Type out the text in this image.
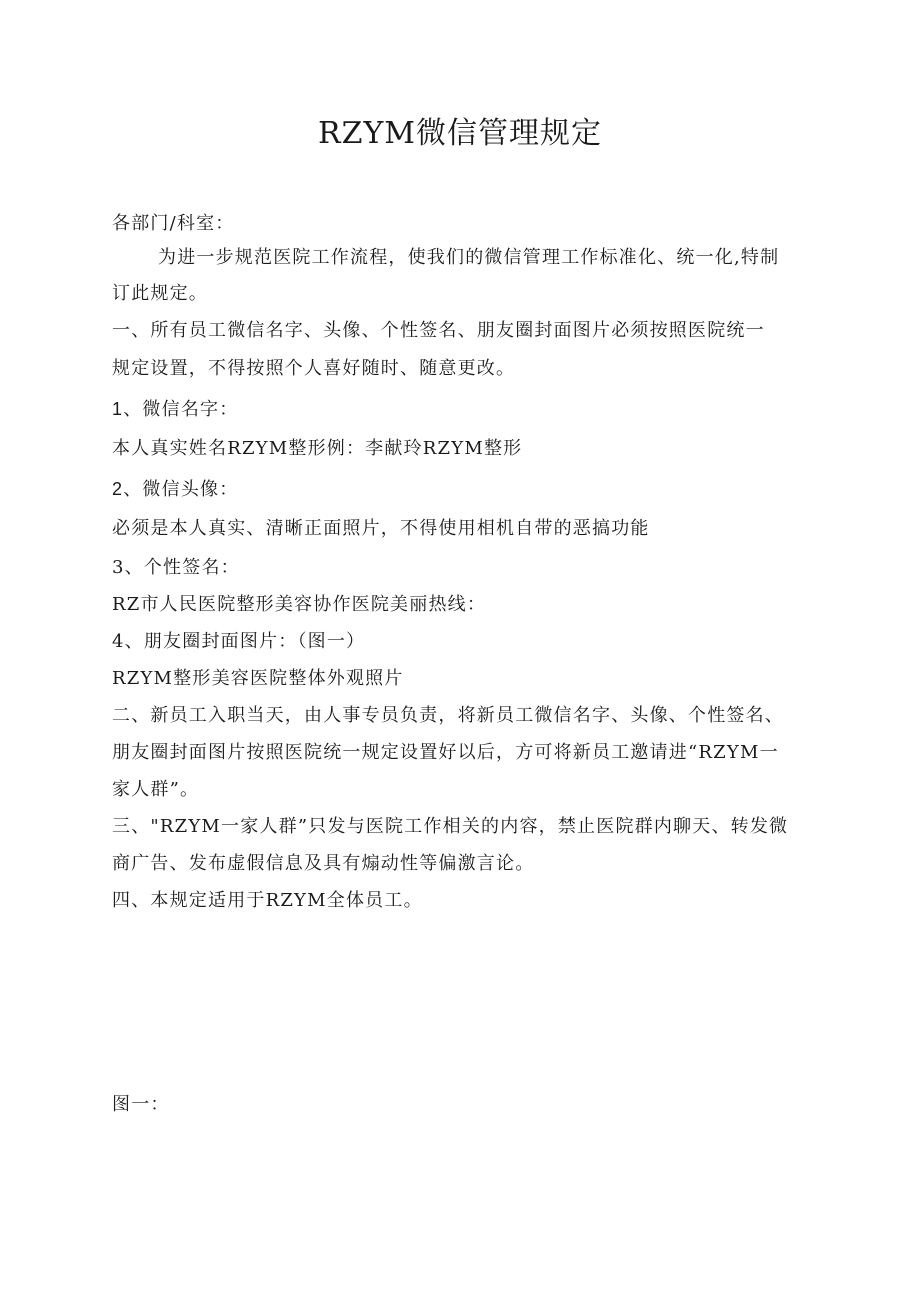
RZYM微信管理规定

各部门/科室：

为进一步规范医院工作流程，使我们的微信管理工作标准化、统一化,特制

订此规定。

一、所有员工微信名字、头像、个性签名、朋友圈封面图片必须按照医院统一

规定设置，不得按照个人喜好随时、随意更改。

1、微信名字：

本人真实姓名RZYM整形例：李献玲RZYM整形

2、微信头像：

必须是本人真实、清晰正面照片，不得使用相机自带的恶搞功能

3、个性签名：

RZ市人民医院整形美容协作医院美丽热线：

4、朋友圈封面图片：（图一）

RZYM整形美容医院整体外观照片

二、新员工入职当天，由人事专员负责，将新员工微信名字、头像、个性签名、

朋友圈封面图片按照医院统一规定设置好以后，方可将新员工邀请进“RZYM一

家人群”。

三、"RZYM一家人群”只发与医院工作相关的内容，禁止医院群内聊天、转发微

商广告、发布虚假信息及具有煽动性等偏激言论。

四、本规定适用于RZYM全体员工。

图一：
